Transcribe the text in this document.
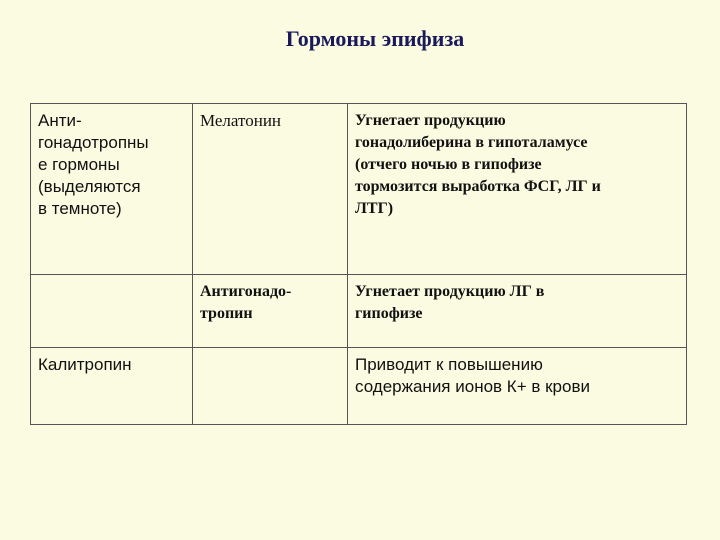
Гормоны эпифиза
Анти-
гонадотропны
е гормоны
(выделяются
в темноте)	Мелатонин	Угнетает продукцию
гонадолиберина в гипоталамусе
(отчего ночью в гипофизе
тормозится выработка ФСГ, ЛГ и
ЛТГ)

	Антигонадо-
тропин	Угнетает продукцию ЛГ в
гипофизе

Калитропин		Приводит к повышению
содержания ионов К+ в крови
